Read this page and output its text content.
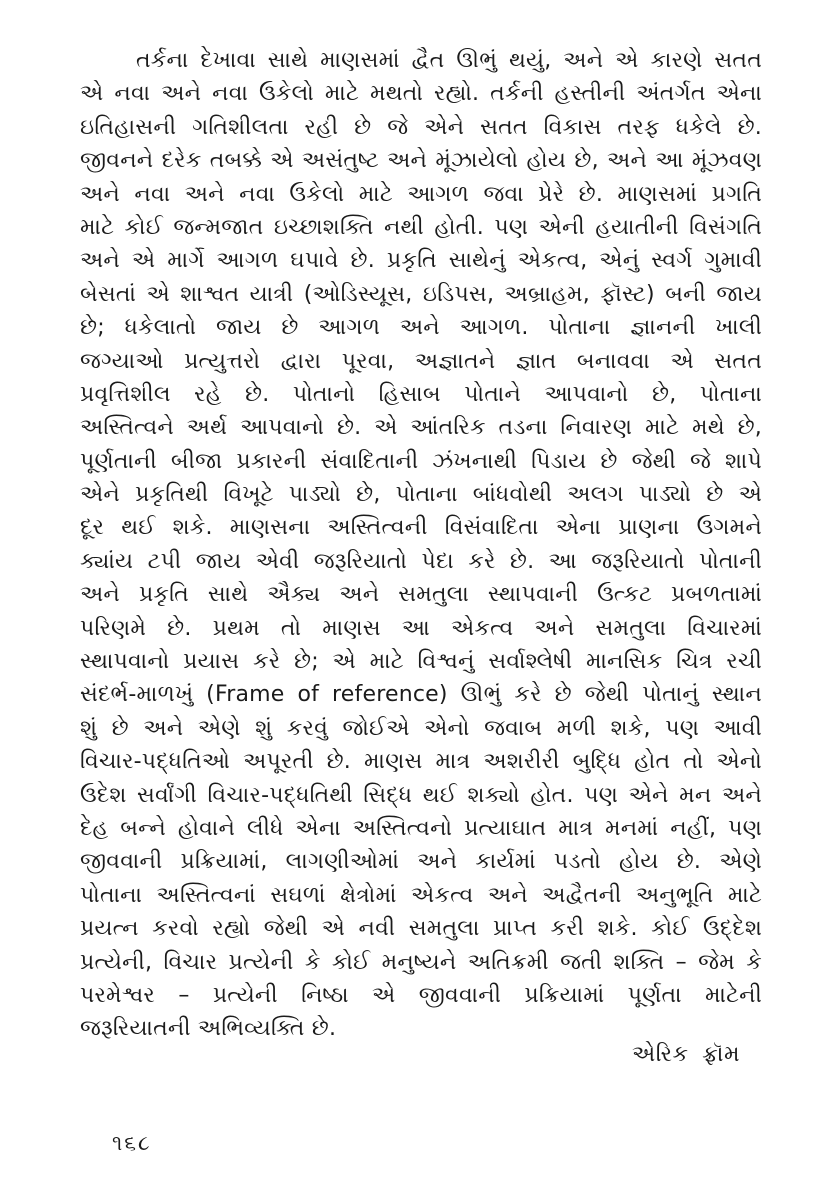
તર્કના દેખાવા સાથે માણસમાં દ્વૈત ઊભું થયું, અને એ કારણે સતત
એ નવા અને નવા ઉકેલો માટે મથતો રહ્યો. તર્કની હસ્તીની અંતર્ગત એના
ઇતિહાસની ગતિશીલતા રહી છે જે એને સતત વિકાસ તરફ ધકેલે છે.
જીવનને દરેક તબક્કે એ અસંતુષ્ટ અને મૂંઝાયેલો હોય છે, અને આ મૂંઝવણ
અને નવા અને નવા ઉકેલો માટે આગળ જવા પ્રેરે છે. માણસમાં પ્રગતિ
માટે કોઈ જન્મજાત ઇચ્છાશક્તિ નથી હોતી. પણ એની હયાતીની વિસંગતિ
અને એ માર્ગે આગળ ઘપાવે છે. પ્રકૃતિ સાથેનું એકત્વ, એનું સ્વર્ગ ગુમાવી
બેસતાં એ શાશ્વત યાત્રી (ઓડિસ્યૂસ, ઇડિપસ, અબ્રાહમ, ફૉસ્ટ) બની જાય
છે; ધકેલાતો જાય છે આગળ અને આગળ. પોતાના જ્ઞાનની ખાલી
જગ્યાઓ પ્રત્યુત્તરો દ્વારા પૂરવા, અજ્ઞાતને જ્ઞાત બનાવવા એ સતત
પ્રવૃત્તિશીલ રહે છે. પોતાનો હિસાબ પોતાને આપવાનો છે, પોતાના
અસ્તિત્વને અર્થ આપવાનો છે. એ આંતરિક તડના નિવારણ માટે મથે છે,
પૂર્ણતાની બીજા પ્રકારની સંવાદિતાની ઝંખનાથી પિડાય છે જેથી જે શાપે
એને પ્રકૃતિથી વિખૂટે પાડ્યો છે, પોતાના બાંધવોથી અલગ પાડ્યો છે એ
દૂર થઈ શકે. માણસના અસ્તિત્વની વિસંવાદિતા એના પ્રાણના ઉગમને
ક્યાંય ટપી જાય એવી જરૂરિયાતો પેદા કરે છે. આ જરૂરિયાતો પોતાની
અને પ્રકૃતિ સાથે ઐક્ય અને સમતુલા સ્થાપવાની ઉત્કટ પ્રબળતામાં
પરિણમે છે. પ્રથમ તો માણસ આ એકત્વ અને સમતુલા વિચારમાં
સ્થાપવાનો પ્રયાસ કરે છે; એ માટે વિશ્વનું સર્વાશ્લેષી માનસિક ચિત્ર રચી
સંદર્ભ-માળખું (Frame of reference) ઊભું કરે છે જેથી પોતાનું સ્થાન
શું છે અને એણે શું કરવું જોઈએ એનો જવાબ મળી શકે, પણ આવી
વિચાર-પદ્ધતિઓ અપૂરતી છે. માણસ માત્ર અશરીરી બુદ્ધિ હોત તો એનો
ઉદેશ સર્વાંગી વિચાર-પદ્ધતિથી સિદ્ધ થઈ શક્યો હોત. પણ એને મન અને
દેહ બન્ને હોવાને લીધે એના અસ્તિત્વનો પ્રત્યાઘાત માત્ર મનમાં નહીં, પણ
જીવવાની પ્રક્રિયામાં, લાગણીઓમાં અને કાર્યમાં પડતો હોય છે. એણે
પોતાના અસ્તિત્વનાં સઘળાં ક્ષેત્રોમાં એકત્વ અને અદ્વૈતની અનુભૂતિ માટે
પ્રયત્ન કરવો રહ્યો જેથી એ નવી સમતુલા પ્રાપ્ત કરી શકે. કોઈ ઉદ્દેશ
પ્રત્યેની, વિચાર પ્રત્યેની કે કોઈ મનુષ્યને અતિક્રમી જતી શક્તિ – જેમ કે
પરમેશ્વર – પ્રત્યેની નિષ્ઠા એ જીવવાની પ્રક્રિયામાં પૂર્ણતા માટેની
જરૂરિયાતની અભિવ્યક્તિ છે.
એરિક ફ્રૉમ
૧૬૮
